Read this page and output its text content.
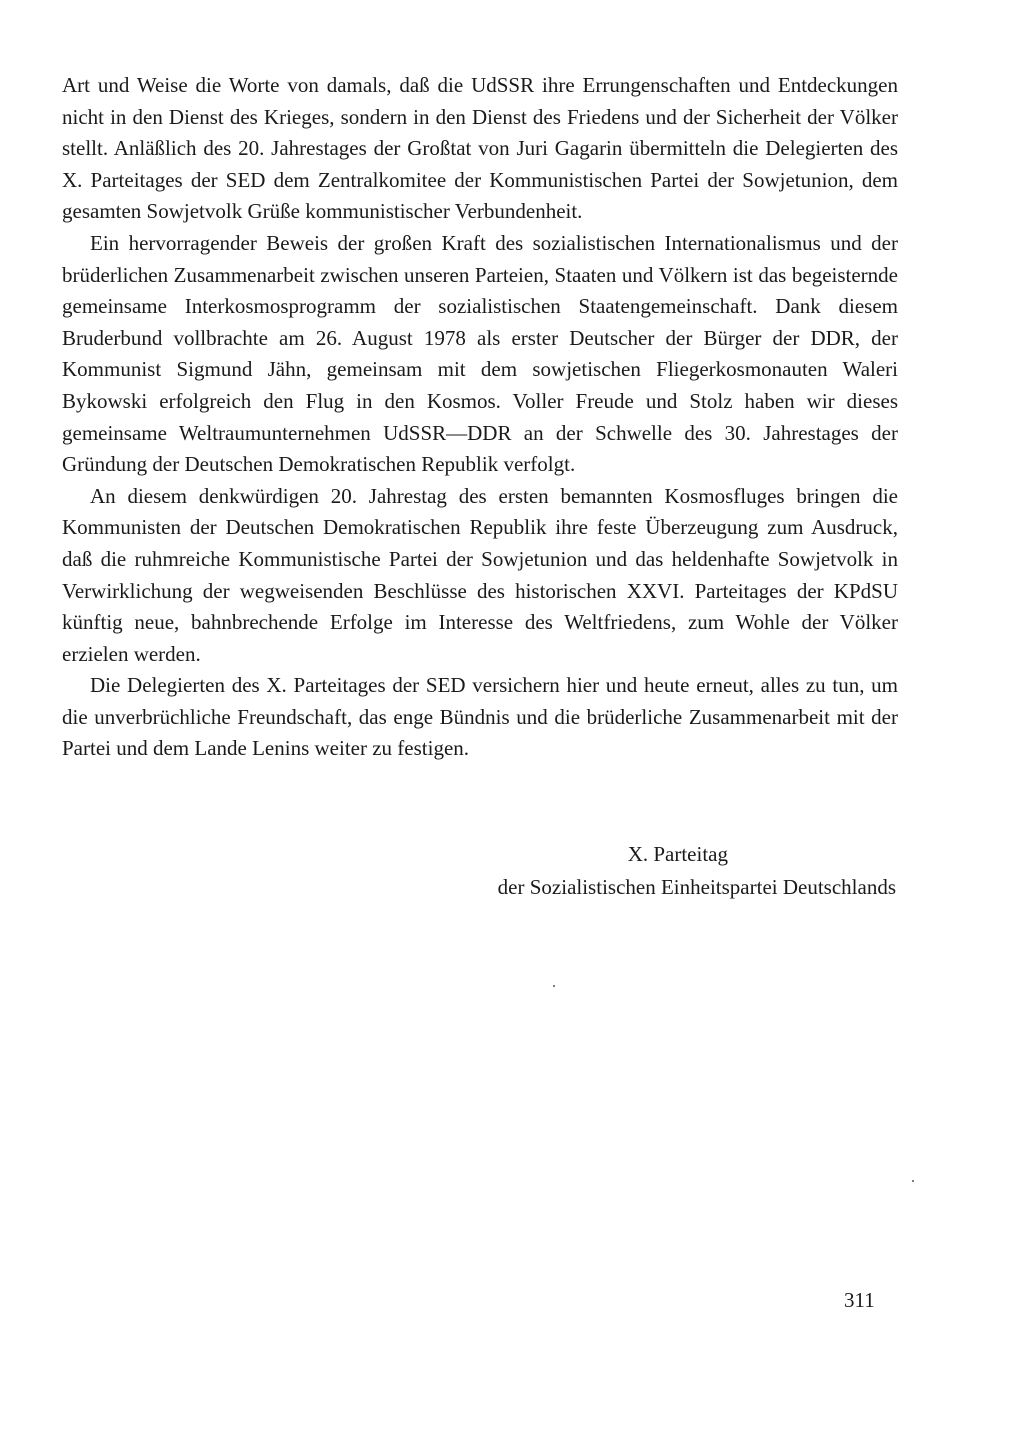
Art und Weise die Worte von damals, daß die UdSSR ihre Errungenschaften und Entdeckungen nicht in den Dienst des Krieges, sondern in den Dienst des Friedens und der Sicherheit der Völker stellt. Anläßlich des 20. Jahrestages der Großtat von Juri Gagarin übermitteln die Delegierten des X. Parteitages der SED dem Zentralkomitee der Kommunistischen Partei der Sowjetunion, dem gesamten Sowjetvolk Grüße kommunistischer Verbundenheit.

Ein hervorragender Beweis der großen Kraft des sozialistischen Internationalismus und der brüderlichen Zusammenarbeit zwischen unseren Parteien, Staaten und Völkern ist das begeisternde gemeinsame Interkosmosprogramm der sozialistischen Staatengemeinschaft. Dank diesem Bruderbund vollbrachte am 26. August 1978 als erster Deutscher der Bürger der DDR, der Kommunist Sigmund Jähn, gemeinsam mit dem sowjetischen Fliegerkosmonauten Waleri Bykowski erfolgreich den Flug in den Kosmos. Voller Freude und Stolz haben wir dieses gemeinsame Weltraumunternehmen UdSSR—DDR an der Schwelle des 30. Jahrestages der Gründung der Deutschen Demokratischen Republik verfolgt.

An diesem denkwürdigen 20. Jahrestag des ersten bemannten Kosmosfluges bringen die Kommunisten der Deutschen Demokratischen Republik ihre feste Überzeugung zum Ausdruck, daß die ruhmreiche Kommunistische Partei der Sowjetunion und das heldenhafte Sowjetvolk in Verwirklichung der wegweisenden Beschlüsse des historischen XXVI. Parteitages der KPdSU künftig neue, bahnbrechende Erfolge im Interesse des Weltfriedens, zum Wohle der Völker erzielen werden.

Die Delegierten des X. Parteitages der SED versichern hier und heute erneut, alles zu tun, um die unverbrüchliche Freundschaft, das enge Bündnis und die brüderliche Zusammenarbeit mit der Partei und dem Lande Lenins weiter zu festigen.

X. Parteitag
der Sozialistischen Einheitspartei Deutschlands
311
